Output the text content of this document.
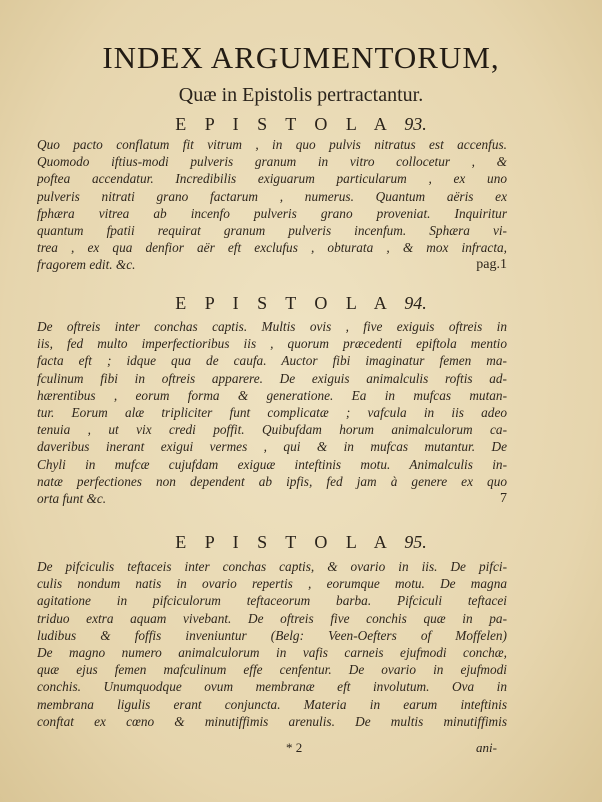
INDEX ARGUMENTORUM,
Quæ in Epistolis pertractantur.
E P I S T O L A 93.
Quo pacto conflatum fit vitrum , in quo pulvis nitratus est accenfus.
Quomodo iftius-modi pulveris granum in vitro collocetur , &
poftea accendatur. Incredibilis exiguarum particularum , ex uno
pulveris nitrati grano factarum , numerus. Quantum aëris ex
fphæra vitrea ab incenfo pulveris grano proveniat. Inquiritur
quantum fpatii requirat granum pulveris incenfum. Sphæra vi-
trea , ex qua denfior aër eft exclufus , obturata , & mox infracta,
fragorem edit. &c.	pag.1
E P I S T O L A 94.
De oftreis inter conchas captis. Multis ovis , five exiguis oftreis in
iis, fed multo imperfectioribus iis , quorum præcedenti epiftola mentio
facta eft ; idque qua de caufa. Auctor fibi imaginatur femen ma-
fculinum fibi in oftreis apparere. De exiguis animalculis roftis ad-
hærentibus , eorum forma & generatione. Ea in mufcas mutan-
tur. Eorum alæ tripliciter funt complicatæ ; vafcula in iis adeo
tenuia , ut vix credi poffit. Quibufdam horum animalculorum ca-
daveribus inerant exigui vermes , qui & in mufcas mutantur. De
Chyli in mufcæ cujufdam exiguæ inteftinis motu. Animalculis in-
natæ perfectiones non dependent ab ipfis, fed jam à genere ex quo
orta funt &c.	7
E P I S T O L A 95.
De pifciculis teftaceis inter conchas captis, & ovario in iis. De pifci-
culis nondum natis in ovario repertis , eorumque motu. De magna
agitatione in pifciculorum teftaceorum barba. Pifciculi teftacei
triduo extra aquam vivebant. De oftreis five conchis quæ in pa-
ludibus & foffis inveniuntur (Belg: Veen-Oefters of Moffelen)
De magno numero animalculorum in vafis carneis ejufmodi conchæ,
quæ ejus femen mafculinum effe cenfentur. De ovario in ejufmodi
conchis. Unumquodque ovum membranæ eft involutum. Ova in
membrana ligulis erant conjuncta. Materia in earum inteftinis
conftat ex cœno & minutiffimis arenulis. De multis minutiffimis
* 2	ani-
